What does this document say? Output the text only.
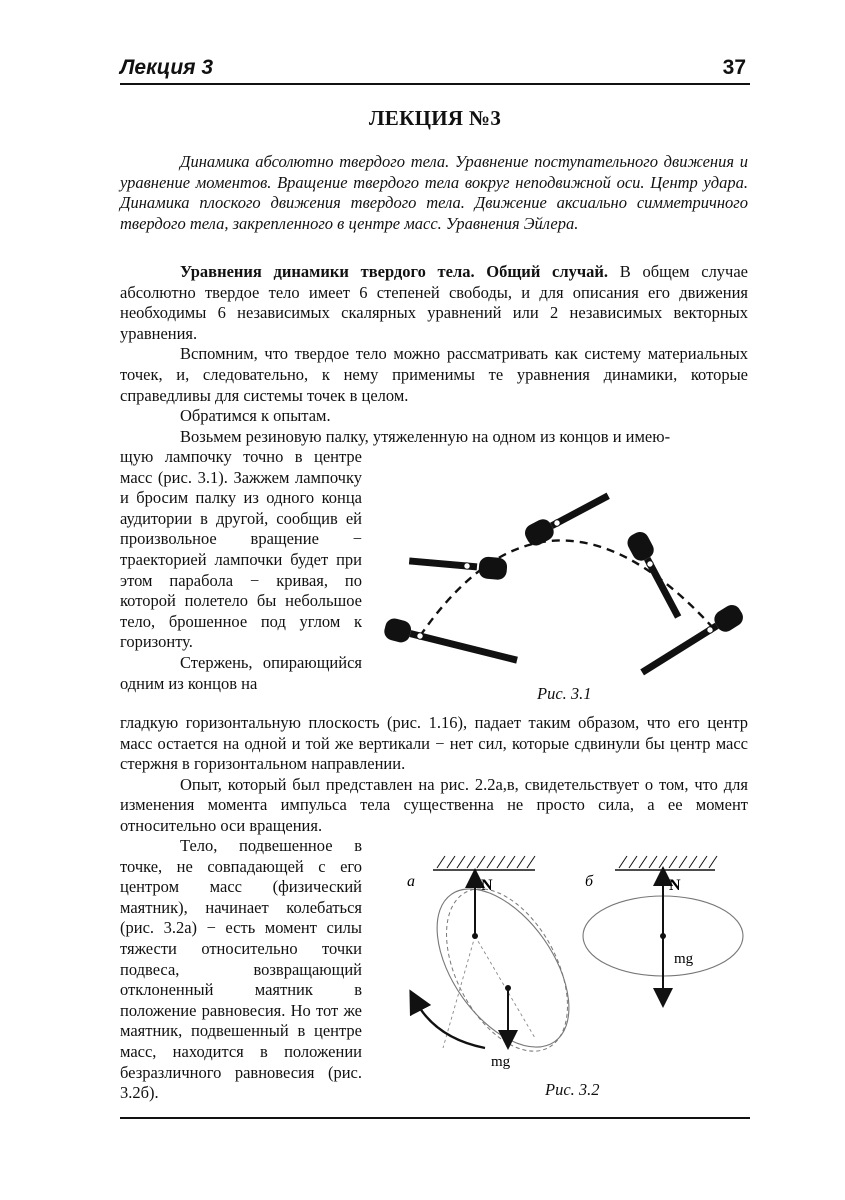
Лекция 3	37
ЛЕКЦИЯ №3
Динамика абсолютно твердого тела. Уравнение поступательного движения и уравнение моментов. Вращение твердого тела вокруг неподвижной оси. Центр удара. Динамика плоского движения твердого тела. Движение аксиально симметричного твердого тела, закрепленного в центре масс. Уравнения Эйлера.

Уравнения динамики твердого тела. Общий случай. В общем случае абсолютно твердое тело имеет 6 степеней свободы, и для описания его движения необходимы 6 независимых скалярных уравнений или 2 независимых векторных уравнения.

Вспомним, что твердое тело можно рассматривать как систему материальных точек, и, следовательно, к нему применимы те уравнения динамики, которые справедливы для системы точек в целом.

Обратимся к опытам.

Возьмем резиновую палку, утяжеленную на одном из концов и имею-

щую лампочку точно в центре масс (рис. 3.1). Зажжем лампочку и бросим палку из одного конца аудитории в другой, сообщив ей произвольное вращение − траекторией лампочки будет при этом парабола − кривая, по которой полетело бы небольшое тело, брошенное под углом к горизонту.

Стержень, опирающийся одним из концов на

Рис. 3.1

гладкую горизонтальную плоскость (рис. 1.16), падает таким образом, что его центр масс остается на одной и той же вертикали − нет сил, которые сдвинули бы центр масс стержня в горизонтальном направлении.

Опыт, который был представлен на рис. 2.2а,в, свидетельствует о том, что для изменения момента импульса тела существенна не просто сила, а ее момент относительно оси вращения.

Тело, подвешенное в точке, не совпадающей с его центром масс (физический маятник), начинает колебаться (рис. 3.2а) − есть момент силы тяжести относительно точки подвеса, возвращающий отклоненный маятник в положение равновесия. Но тот же маятник, подвешенный в центре масс, находится в положении безразличного равновесия (рис. 3.2б).

а	N
mg
б	N
mg
Рис. 3.2
